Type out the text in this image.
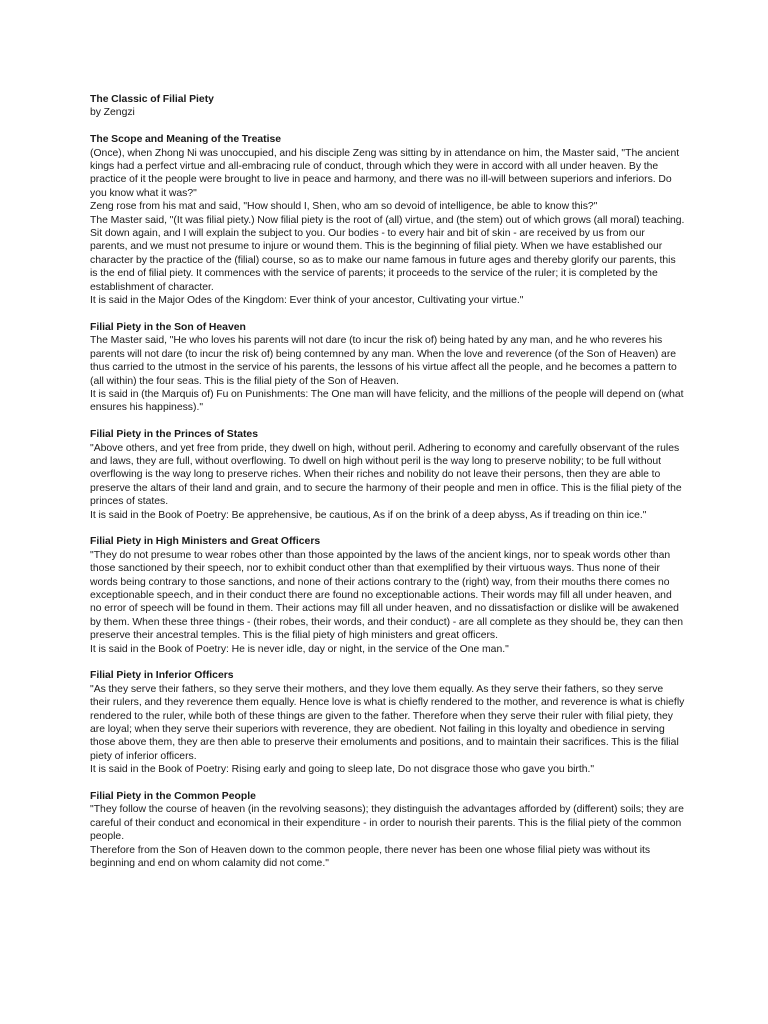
The Classic of Filial Piety

by Zengzi

The Scope and Meaning of the Treatise

(Once), when Zhong Ni was unoccupied, and his disciple Zeng was sitting by in attendance on him, the Master said, "The ancient kings had a perfect virtue and all-embracing rule of conduct, through which they were in accord with all under heaven. By the practice of it the people were brought to live in peace and harmony, and there was no ill-will between superiors and inferiors. Do you know what it was?"

Zeng rose from his mat and said, "How should I, Shen, who am so devoid of intelligence, be able to know this?"

The Master said, "(It was filial piety.) Now filial piety is the root of (all) virtue, and (the stem) out of which grows (all moral) teaching. Sit down again, and I will explain the subject to you. Our bodies - to every hair and bit of skin - are received by us from our parents, and we must not presume to injure or wound them. This is the beginning of filial piety. When we have established our character by the practice of the (filial) course, so as to make our name famous in future ages and thereby glorify our parents, this is the end of filial piety. It commences with the service of parents; it proceeds to the service of the ruler; it is completed by the establishment of character.

It is said in the Major Odes of the Kingdom: Ever think of your ancestor, Cultivating your virtue."

Filial Piety in the Son of Heaven

The Master said, "He who loves his parents will not dare (to incur the risk of) being hated by any man, and he who reveres his parents will not dare (to incur the risk of) being contemned by any man. When the love and reverence (of the Son of Heaven) are thus carried to the utmost in the service of his parents, the lessons of his virtue affect all the people, and he becomes a pattern to (all within) the four seas. This is the filial piety of the Son of Heaven.

It is said in (the Marquis of) Fu on Punishments: The One man will have felicity, and the millions of the people will depend on (what ensures his happiness)."

Filial Piety in the Princes of States

"Above others, and yet free from pride, they dwell on high, without peril. Adhering to economy and carefully observant of the rules and laws, they are full, without overflowing. To dwell on high without peril is the way long to preserve nobility; to be full without overflowing is the way long to preserve riches. When their riches and nobility do not leave their persons, then they are able to preserve the altars of their land and grain, and to secure the harmony of their people and men in office. This is the filial piety of the princes of states.

It is said in the Book of Poetry: Be apprehensive, be cautious, As if on the brink of a deep abyss, As if treading on thin ice."

Filial Piety in High Ministers and Great Officers

"They do not presume to wear robes other than those appointed by the laws of the ancient kings, nor to speak words other than those sanctioned by their speech, nor to exhibit conduct other than that exemplified by their virtuous ways. Thus none of their words being contrary to those sanctions, and none of their actions contrary to the (right) way, from their mouths there comes no exceptionable speech, and in their conduct there are found no exceptionable actions. Their words may fill all under heaven, and no error of speech will be found in them. Their actions may fill all under heaven, and no dissatisfaction or dislike will be awakened by them. When these three things - (their robes, their words, and their conduct) - are all complete as they should be, they can then preserve their ancestral temples. This is the filial piety of high ministers and great officers.

It is said in the Book of Poetry: He is never idle, day or night, in the service of the One man."

Filial Piety in Inferior Officers

"As they serve their fathers, so they serve their mothers, and they love them equally. As they serve their fathers, so they serve their rulers, and they reverence them equally. Hence love is what is chiefly rendered to the mother, and reverence is what is chiefly rendered to the ruler, while both of these things are given to the father. Therefore when they serve their ruler with filial piety, they are loyal; when they serve their superiors with reverence, they are obedient. Not failing in this loyalty and obedience in serving those above them, they are then able to preserve their emoluments and positions, and to maintain their sacrifices. This is the filial piety of inferior officers.

It is said in the Book of Poetry: Rising early and going to sleep late, Do not disgrace those who gave you birth."

Filial Piety in the Common People

"They follow the course of heaven (in the revolving seasons); they distinguish the advantages afforded by (different) soils; they are careful of their conduct and economical in their expenditure - in order to nourish their parents. This is the filial piety of the common people.

Therefore from the Son of Heaven down to the common people, there never has been one whose filial piety was without its beginning and end on whom calamity did not come."
